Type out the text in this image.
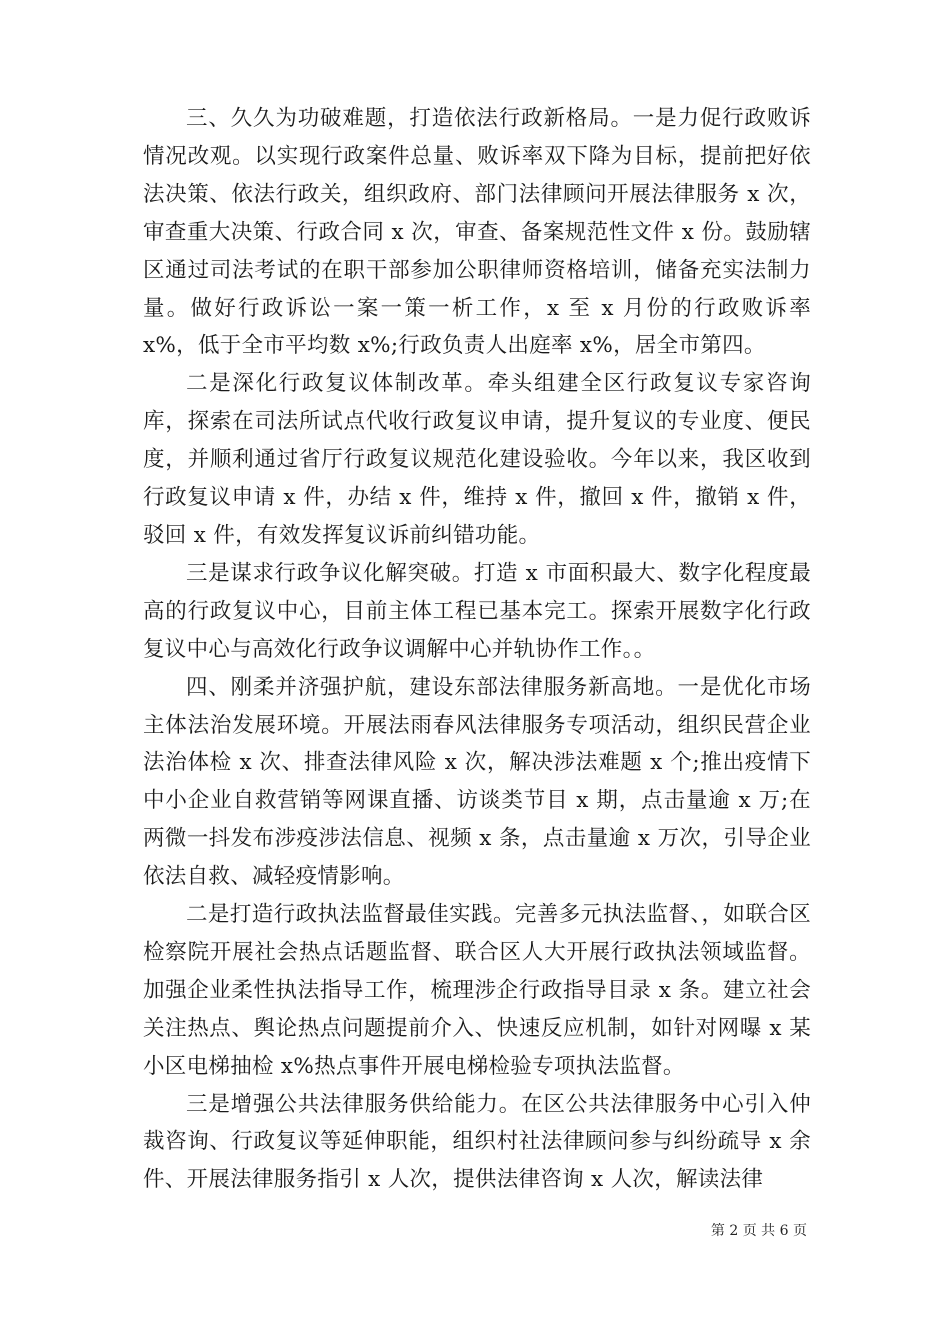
三、久久为功破难题，打造依法行政新格局。一是力促行政败诉情况改观。以实现行政案件总量、败诉率双下降为目标，提前把好依法决策、依法行政关，组织政府、部门法律顾问开展法律服务 x 次，审查重大决策、行政合同 x 次，审查、备案规范性文件 x 份。鼓励辖区通过司法考试的在职干部参加公职律师资格培训，储备充实法制力量。做好行政诉讼一案一策一析工作，x 至 x 月份的行政败诉率 x%，低于全市平均数 x%;行政负责人出庭率 x%，居全市第四。

二是深化行政复议体制改革。牵头组建全区行政复议专家咨询库，探索在司法所试点代收行政复议申请，提升复议的专业度、便民度，并顺利通过省厅行政复议规范化建设验收。今年以来，我区收到行政复议申请 x 件，办结 x 件，维持 x 件，撤回 x 件，撤销 x 件，驳回 x 件，有效发挥复议诉前纠错功能。

三是谋求行政争议化解突破。打造 x 市面积最大、数字化程度最高的行政复议中心，目前主体工程已基本完工。探索开展数字化行政复议中心与高效化行政争议调解中心并轨协作工作。。

四、刚柔并济强护航，建设东部法律服务新高地。一是优化市场主体法治发展环境。开展法雨春风法律服务专项活动，组织民营企业法治体检 x 次、排查法律风险 x 次，解决涉法难题 x 个;推出疫情下中小企业自救营销等网课直播、访谈类节目 x 期，点击量逾 x 万;在两微一抖发布涉疫涉法信息、视频 x 条，点击量逾 x 万次，引导企业依法自救、减轻疫情影响。

二是打造行政执法监督最佳实践。完善多元执法监督、，如联合区检察院开展社会热点话题监督、联合区人大开展行政执法领域监督。加强企业柔性执法指导工作，梳理涉企行政指导目录 x 条。建立社会关注热点、舆论热点问题提前介入、快速反应机制，如针对网曝 x 某小区电梯抽检 x%热点事件开展电梯检验专项执法监督。

三是增强公共法律服务供给能力。在区公共法律服务中心引入仲裁咨询、行政复议等延伸职能，组织村社法律顾问参与纠纷疏导 x 余件、开展法律服务指引 x 人次，提供法律咨询 x 人次，解读法律

第 2 页 共 6 页
